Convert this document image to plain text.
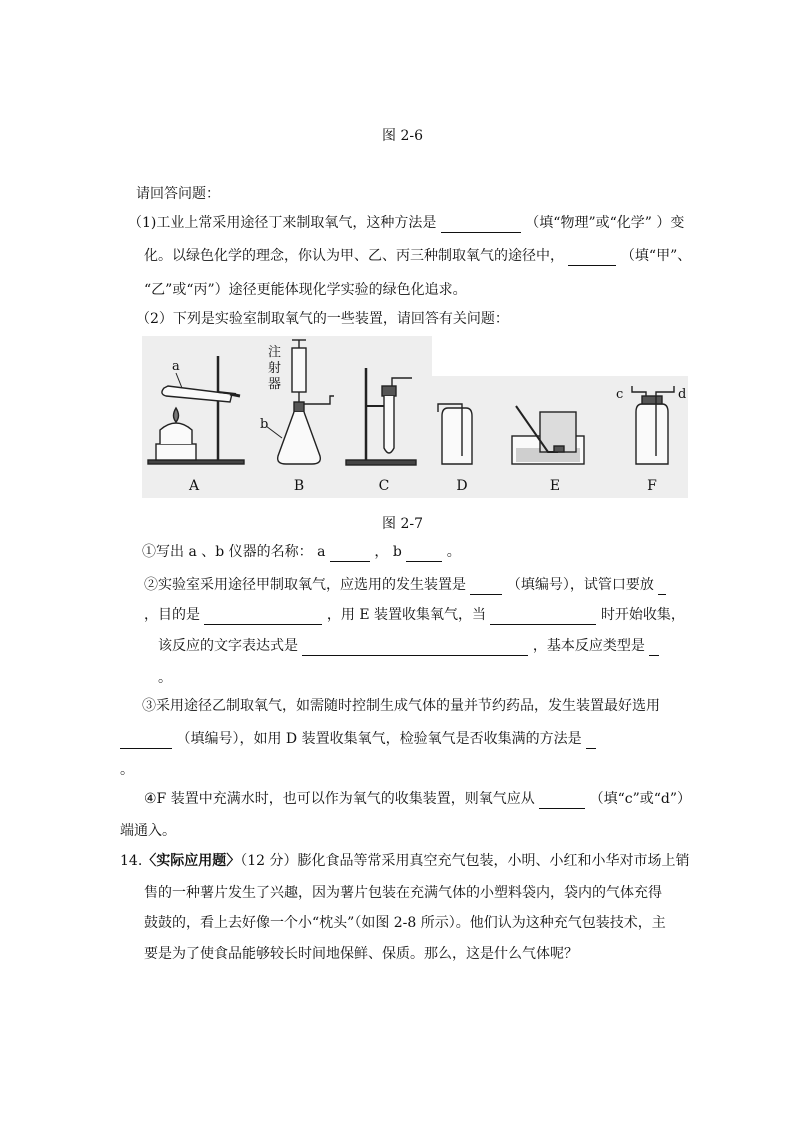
图 2-6
请回答问题：
（1)工业上常采用途径丁来制取氧气，这种方法是	（填“物理”或“化学” ）变
化。以绿色化学的理念，你认为甲、乙、丙三种制取氧气的途径中，	（填“甲”、
“乙”或“丙”）途径更能体现化学实验的绿色化追求。
（2）下列是实验室制取氧气的一些装置，请回答有关问题：
a
注
射
器
b
c	d
A	B	C	D	E	F
图 2-7
①写出 a 、b 仪器的名称： a	， b	。
②实验室采用途径甲制取氧气，应选用的发生装置是	（填编号），试管口要放
，目的是	，用 E 装置收集氧气，当	时开始收集，
该反应的文字表达式是	，基本反应类型是
。
③采用途径乙制取氧气，如需随时控制生成气体的量并节约药品，发生装置最好选用
（填编号），如用 D 装置收集氧气，检验氧气是否收集满的方法是
。
④F 装置中充满水时，也可以作为氧气的收集装置，则氧气应从	（填“c”或“d”）
端通入。
14.〈实际应用题〉（12 分）膨化食品等常采用真空充气包装，小明、小红和小华对市场上销
售的一种薯片发生了兴趣，因为薯片包装在充满气体的小塑料袋内，袋内的气体充得
鼓鼓的，看上去好像一个小“枕头”（如图 2-8 所示）。他们认为这种充气包装技术，主
要是为了使食品能够较长时间地保鲜、保质。那么，这是什么气体呢？
